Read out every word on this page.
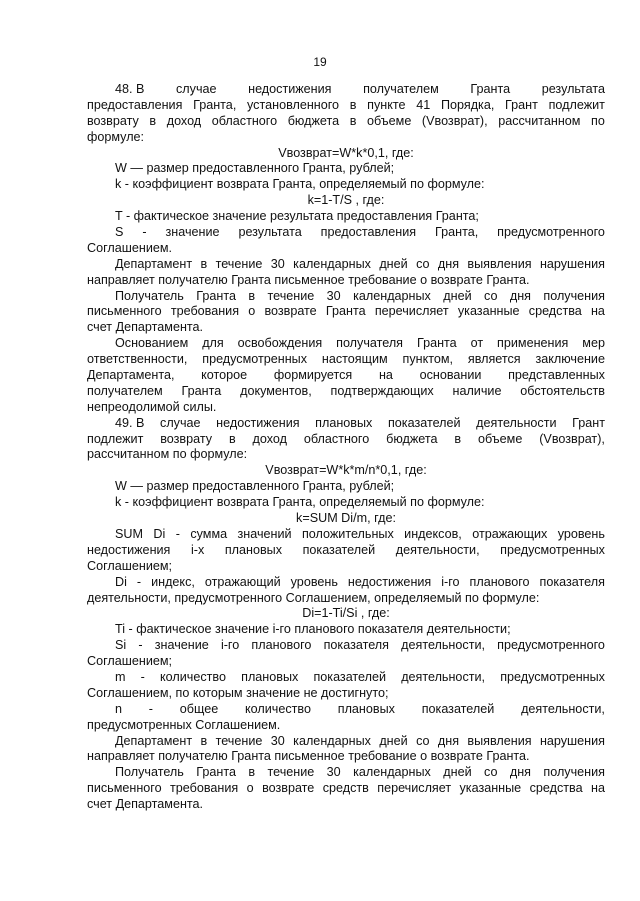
19
48. В	случае	недостижения	получателем	Гранта	результата
предоставления Гранта, установленного в пункте 41 Порядка, Грант подлежит
возврату в доход областного бюджета в объеме (Vвозврат), рассчитанном по
формуле:
Vвозврат=W*k*0,1, где:
W — размер предоставленного Гранта, рублей;
k - коэффициент возврата Гранта, определяемый по формуле:
k=1-T/S , где:
T - фактическое значение результата предоставления Гранта;
S - значение результата предоставления Гранта, предусмотренного
Соглашением.
Департамент в течение 30 календарных дней со дня выявления нарушения
направляет получателю Гранта письменное требование о возврате Гранта.
Получатель Гранта в течение 30 календарных дней со дня получения
письменного требования о возврате Гранта перечисляет указанные средства на
счет Департамента.
Основанием для освобождения получателя Гранта от применения мер
ответственности, предусмотренных настоящим пунктом, является заключение
Департамента, которое формируется на основании представленных
получателем Гранта документов, подтверждающих наличие обстоятельств
непреодолимой силы.
49. В случае недостижения плановых показателей деятельности Грант
подлежит возврату в доход областного бюджета в объеме (Vвозврат),
рассчитанном по формуле:
Vвозврат=W*k*m/n*0,1, где:
W — размер предоставленного Гранта, рублей;
k - коэффициент возврата Гранта, определяемый по формуле:
k=SUM Di/m, где:
SUM Di - сумма значений положительных индексов, отражающих уровень
недостижения i-х плановых показателей деятельности, предусмотренных
Соглашением;
Di - индекс, отражающий уровень недостижения i-го планового показателя
деятельности, предусмотренного Соглашением, определяемый по формуле:
Di=1-Ti/Si , где:
Ti - фактическое значение i-го планового показателя деятельности;
Si - значение i-го планового показателя деятельности, предусмотренного
Соглашением;
m - количество плановых показателей деятельности, предусмотренных
Соглашением, по которым значение не достигнуто;
n - общее количество плановых показателей деятельности,
предусмотренных Соглашением.
Департамент в течение 30 календарных дней со дня выявления нарушения
направляет получателю Гранта письменное требование о возврате Гранта.
Получатель Гранта в течение 30 календарных дней со дня получения
письменного требования о возврате средств перечисляет указанные средства на
счет Департамента.
